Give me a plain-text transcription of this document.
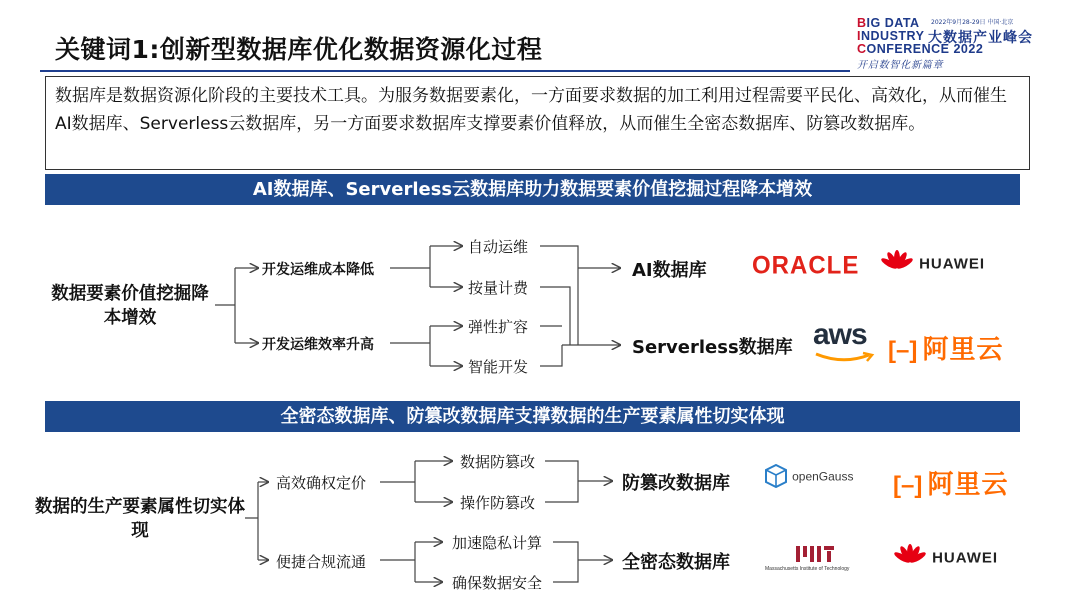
关键词1:创新型数据库优化数据资源化过程
BIG DATA
INDUSTRY
CONFERENCE 2022
2022年9月28-29日 中国·北京
大数据产业峰会
开启数智化新篇章
数据库是数据资源化阶段的主要技术工具。为服务数据要素化，一方面要求数据的加工利用过程需要平民化、高效化，从而催生AI数据库、Serverless云数据库，另一方面要求数据库支撑要素价值释放，从而催生全密态数据库、防篡改数据库。
AI数据库、Serverless云数据库助力数据要素价值挖掘过程降本增效
全密态数据库、防篡改数据库支撑数据的生产要素属性切实体现
数据要素价值挖掘降本增效
开发运维成本降低
开发运维效率升高
自动运维
按量计费
弹性扩容
智能开发
AI数据库
Serverless数据库
ORACLE	HUAWEI
aws [–] 阿里云
数据的生产要素属性切实体现
高效确权定价
便捷合规流通
数据防篡改
操作防篡改
加速隐私计算
确保数据安全
防篡改数据库
全密态数据库
openGauss [–] 阿里云
Massachusetts Institute of Technology
HUAWEI
